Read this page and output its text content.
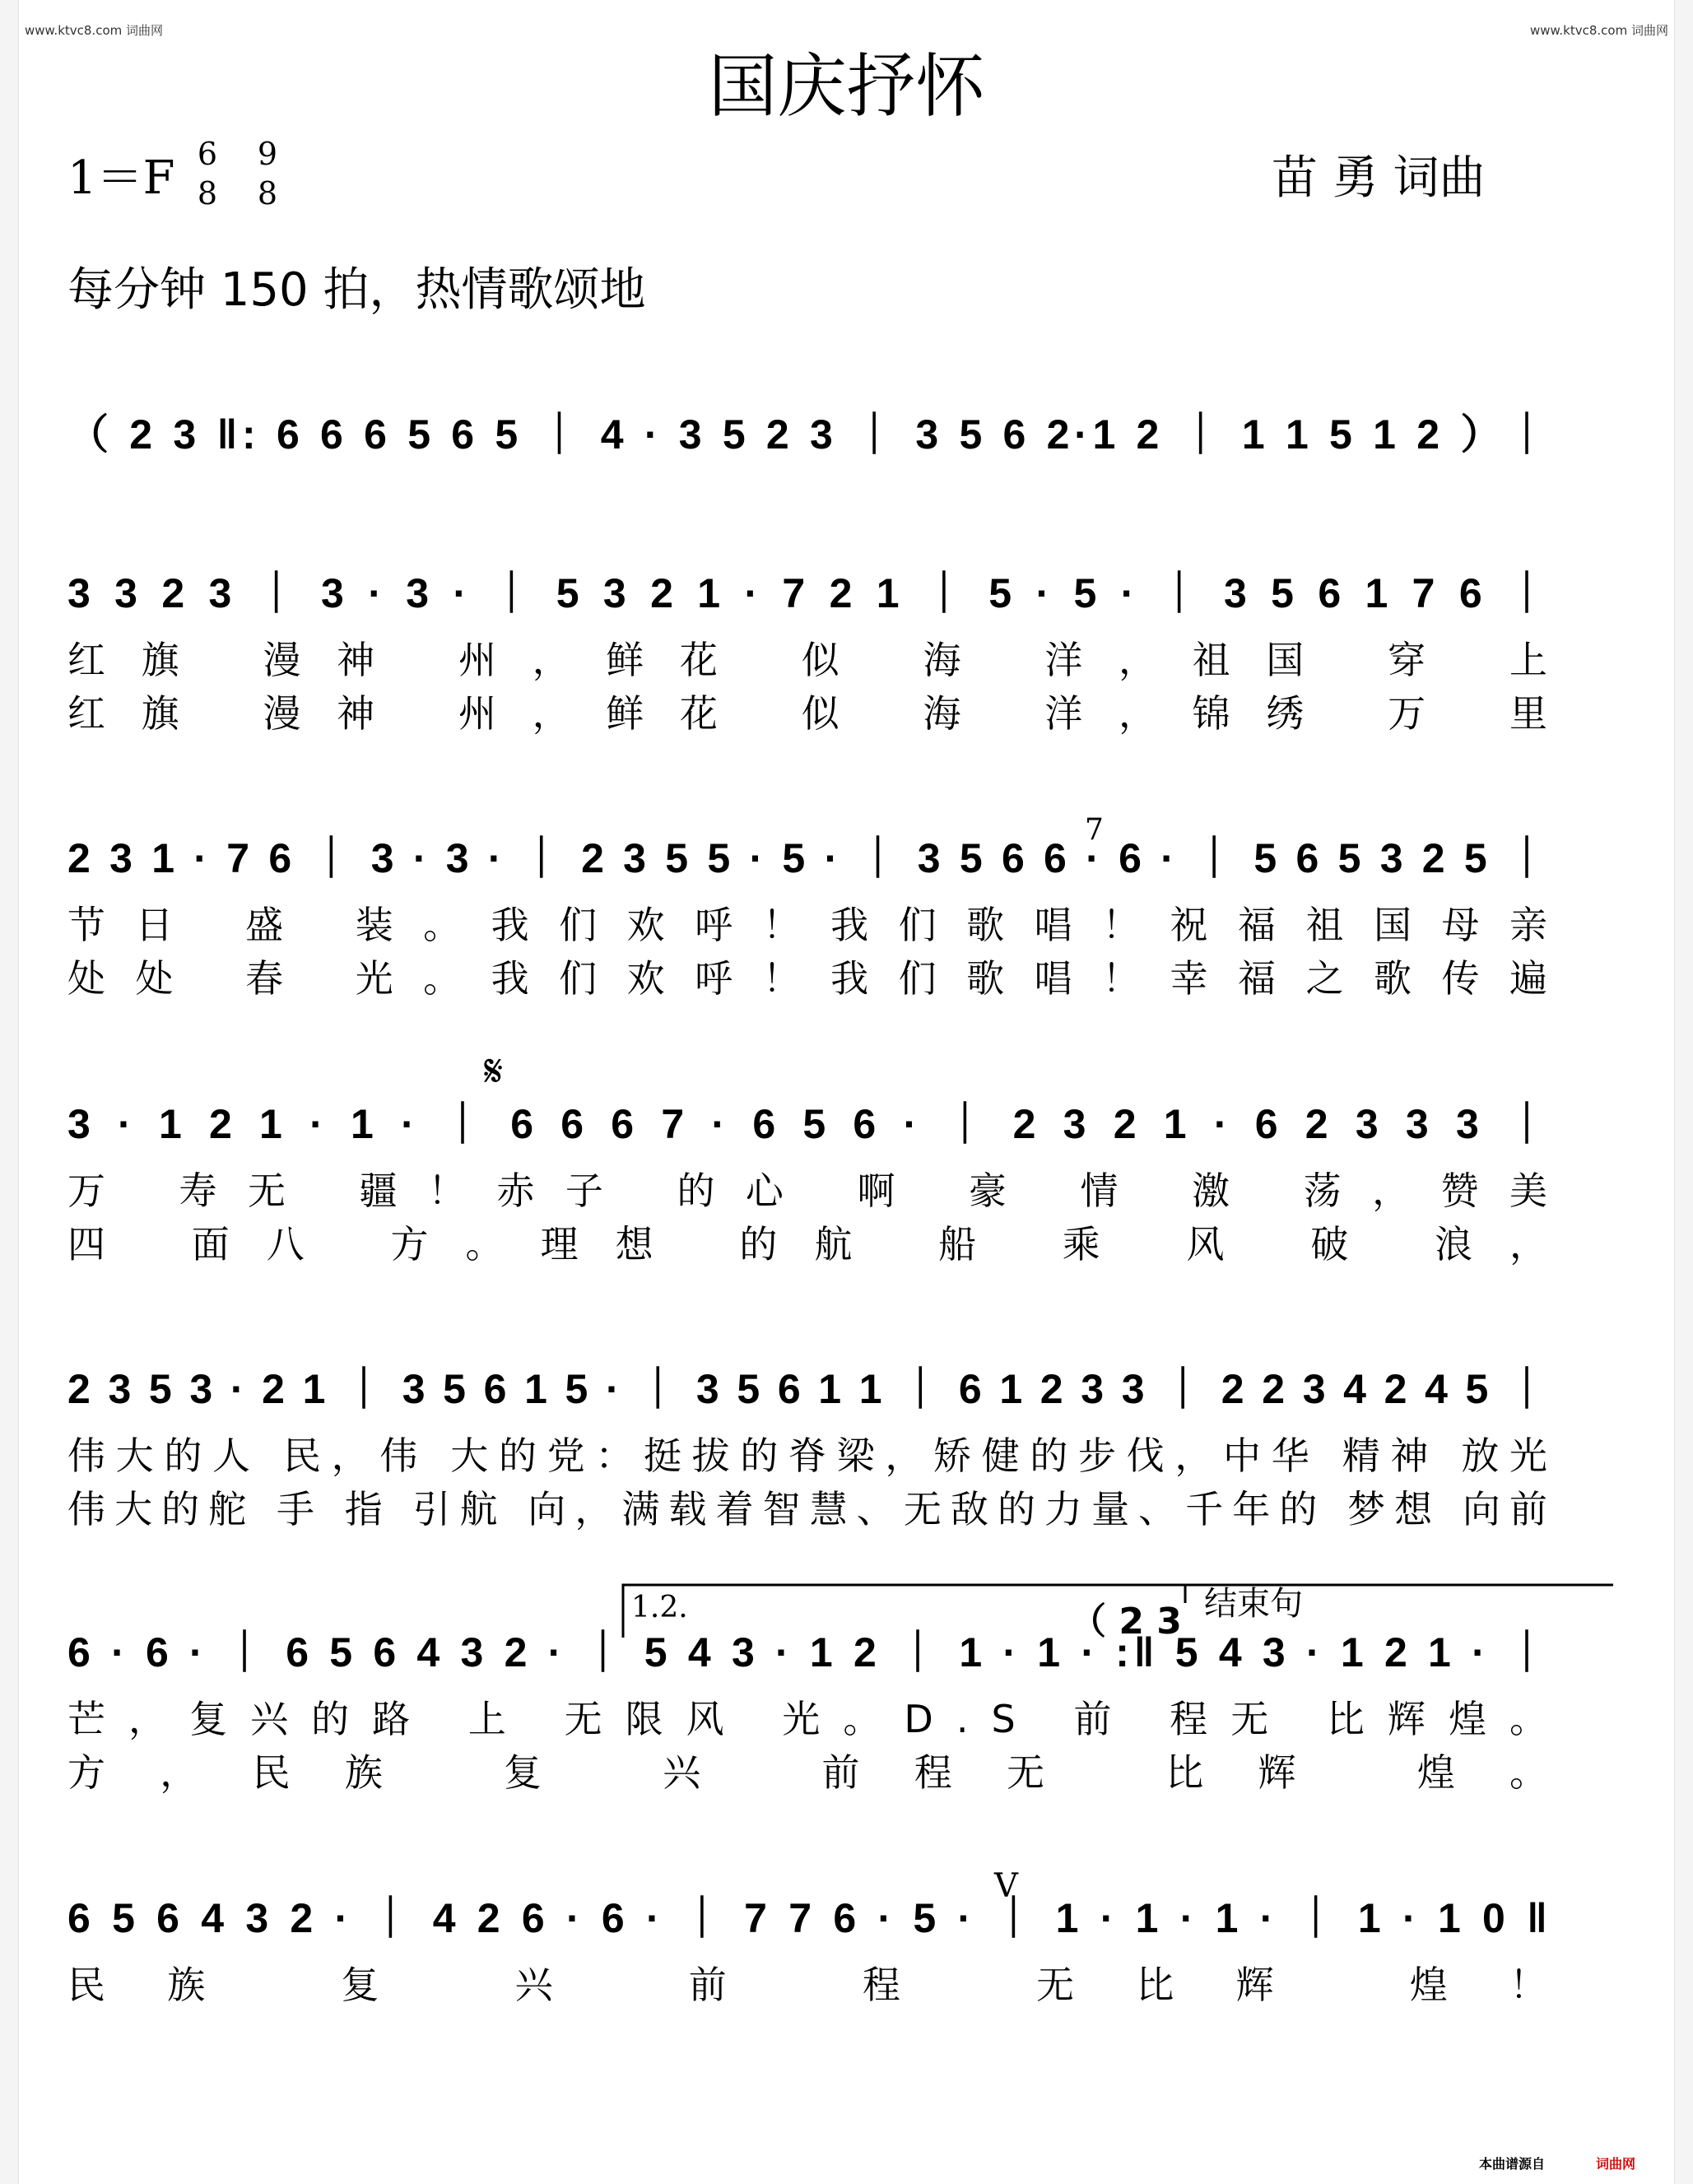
www.ktvc8.com 词曲网	www.ktvc8.com 词曲网
国庆抒怀
1＝F 6
8
9
8	苗 勇 词曲
每分钟 150 拍，热情歌颂地
（ 2 3 ‖: 6 6 6 5 6 5 ｜ 4 · 3 5 2 3 ｜ 3 5 6 2·1 2 ｜ 1 1 5 1 2 ）｜
3 3 2 3 ｜ 3 · 3 · ｜ 5 3 2 1 · 7 2 1 ｜ 5 · 5 · ｜ 3 5 6 1 7 6 ｜
红旗 漫神 州，鲜花 似 海 洋，祖国 穿 上
红旗 漫神 州，鲜花 似 海 洋，锦绣 万 里
2 3 1 · 7 6 ｜ 3 · 3 · ｜ 2 3 5 5 · 5 · ｜ 3 5 6 6 · 6 · ｜ 5 6 5 3 2 5 ｜
节日 盛 装。我们欢呼！我们歌唱！祝福祖国母亲
处处 春 光。我们欢呼！我们歌唱！幸福之歌传遍
3 · 1 2 1 · 1 · ｜ 6 6 6 7 · 6 5 6 · ｜ 2 3 2 1 · 6 2 3 3 3 ｜
万 寿无 疆！赤子 的心 啊 豪 情 激 荡，赞美
四 面八 方。理想 的航 船 乘 风 破 浪，
2 3 5 3 · 2 1 ｜ 3 5 6 1 5 · ｜ 3 5 6 1 1 ｜ 6 1 2 3 3 ｜ 2 2 3 4 2 4 5 ｜
伟大的人 民，伟 大的党：挺拔的脊梁，矫健的步伐，中华 精神 放光
伟大的舵 手 指 引航 向，满载着智慧、无敌的力量、千年的 梦想 向前
6 · 6 · ｜ 6 5 6 4 3 2 · ｜ 5 4 3 · 1 2 ｜ 1 · 1 · :‖ 5 4 3 · 1 2 1 · ｜
芒，复兴的路 上 无限风 光。D.S 前 程无 比辉煌。
方，民族 复 兴 前程无 比辉 煌。
6 5 6 4 3 2 · ｜ 4 2 6 · 6 · ｜ 7 7 6 · 5 · ｜ 1 · 1 · 1 · ｜ 1 · 1 0 ‖
民族 复 兴 前 程 无比辉 煌！
𝄋
7
V
1.2.	结束句
（ 2 3
本曲谱源自	词曲网
